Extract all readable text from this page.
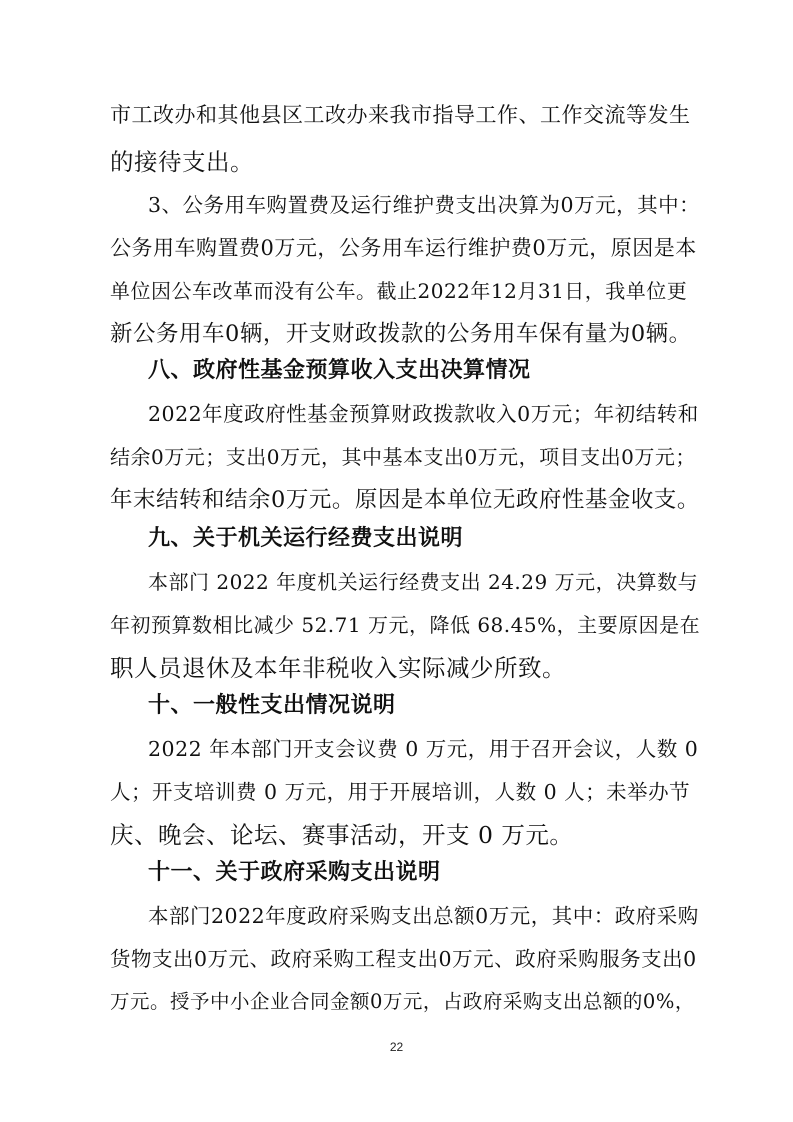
市工改办和其他县区工改办来我市指导工作、工作交流等发生
的接待支出。
3、公务用车购置费及运行维护费支出决算为0万元，其中：
公务用车购置费0万元，公务用车运行维护费0万元，原因是本
单位因公车改革而没有公车。截止2022年12月31日，我单位更
新公务用车0辆，开支财政拨款的公务用车保有量为0辆。
八、政府性基金预算收入支出决算情况
2022年度政府性基金预算财政拨款收入0万元；年初结转和
结余0万元；支出0万元，其中基本支出0万元，项目支出0万元；
年末结转和结余0万元。原因是本单位无政府性基金收支。
九、关于机关运行经费支出说明
本部门 2022 年度机关运行经费支出 24.29 万元，决算数与
年初预算数相比减少 52.71 万元，降低 68.45%，主要原因是在
职人员退休及本年非税收入实际减少所致。
十、一般性支出情况说明
2022 年本部门开支会议费 0 万元，用于召开会议，人数 0
人；开支培训费 0 万元，用于开展培训，人数 0 人；未举办节
庆、晚会、论坛、赛事活动，开支 0 万元。
十一、关于政府采购支出说明
本部门2022年度政府采购支出总额0万元，其中：政府采购
货物支出0万元、政府采购工程支出0万元、政府采购服务支出0
万元。授予中小企业合同金额0万元，占政府采购支出总额的0%，
22
